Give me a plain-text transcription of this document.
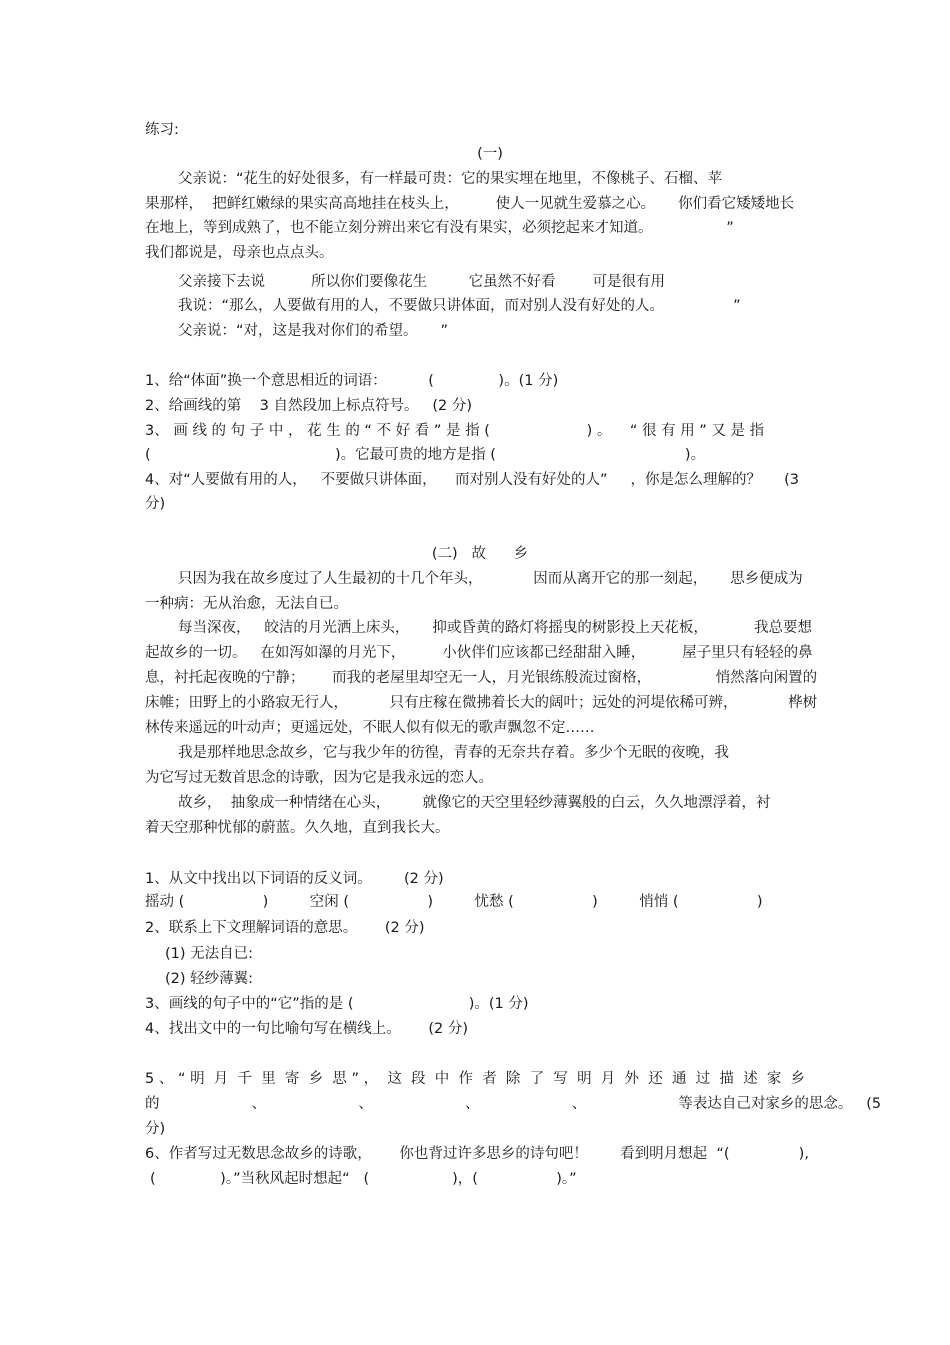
练习:
(一)
父亲说：“花生的好处很多，有一样最可贵：它的果实埋在地里，不像桃子、石榴、苹
果那样，  把鲜红嫩绿的果实高高地挂在枝头上，        使人一见就生爱慕之心。     你们看它矮矮地长
在地上，等到成熟了，也不能立刻分辨出来它有没有果实，必须挖起来才知道。                ”
我们都说是，母亲也点点头。
父亲接下去说          所以你们要像花生         它虽然不好看        可是很有用
我说：“那么，人要做有用的人，不要做只讲体面，而对别人没有好处的人。               ”
父亲说：“对，这是我对你们的希望。     ”
1、给“体面”换一个意思相近的词语：         (              )。(1 分)
2、给画线的第    3 自然段加上标点符号。   (2 分)
3、 画 线 的 句 子 中 ， 花 生 的 “ 不 好 看 ” 是 指 (                     ) 。    “ 很 有 用 ” 又 是 指
(                                        )。它最可贵的地方是指 (                                         )。
4、对“人要做有用的人，   不要做只讲体面，    而对别人没有好处的人”     ，你是怎么理解的？     (3
分)
(二)   故      乡
只因为我在故乡度过了人生最初的十几个年头，           因而从离开它的那一刻起，     思乡便成为
一种病：无从治愈，无法自已。
每当深夜，   皎洁的月光洒上床头，     抑或昏黄的路灯将摇曳的树影投上天花板，          我总要想
起故乡的一切。   在如泻如瀑的月光下，        小伙伴们应该都已经甜甜入睡，        屋子里只有轻轻的鼻
息，衬托起夜晚的宁静；      而我的老屋里却空无一人，月光银练般流过窗格，              悄然落向闲置的
床帷；田野上的小路寂无行人，         只有庄稼在微拂着长大的阔叶；远处的河堤依稀可辨，           桦树
林传来遥远的叶动声；更遥远处，不眠人似有似无的歌声飘忽不定……
我是那样地思念故乡，它与我少年的彷徨，青春的无奈共存着。多少个无眠的夜晚，我
为它写过无数首思念的诗歌，因为它是我永远的恋人。
故乡，  抽象成一种情绪在心头，       就像它的天空里轻纱薄翼般的白云，久久地漂浮着，衬
着天空那种忧郁的蔚蓝。久久地，直到我长大。
1、从文中找出以下词语的反义词。       (2 分)
摇动 (                 )         空闲 (                 )         忧愁 (                 )         悄悄 (                 )
2、联系上下文理解词语的意思。      (2 分)
(1) 无法自已:
(2) 轻纱薄翼:
3、画线的句子中的“它”指的是 (                         )。(1 分)
4、找出文中的一句比喻句写在横线上。      (2 分)
5 、 “ 明  月  千  里  寄  乡  思 ” ，  这  段  中  作  者  除  了  写  明  月  外  还  通  过  描  述  家  乡
的                    、                    、                    、                    、                    等表达自己对家乡的思念。   (5
分)
6、作者写过无数思念故乡的诗歌，      你也背过许多思乡的诗句吧！       看到明月想起  “(               ),
(              )。”当秋风起时想起“   (                  )，(                 )。”
